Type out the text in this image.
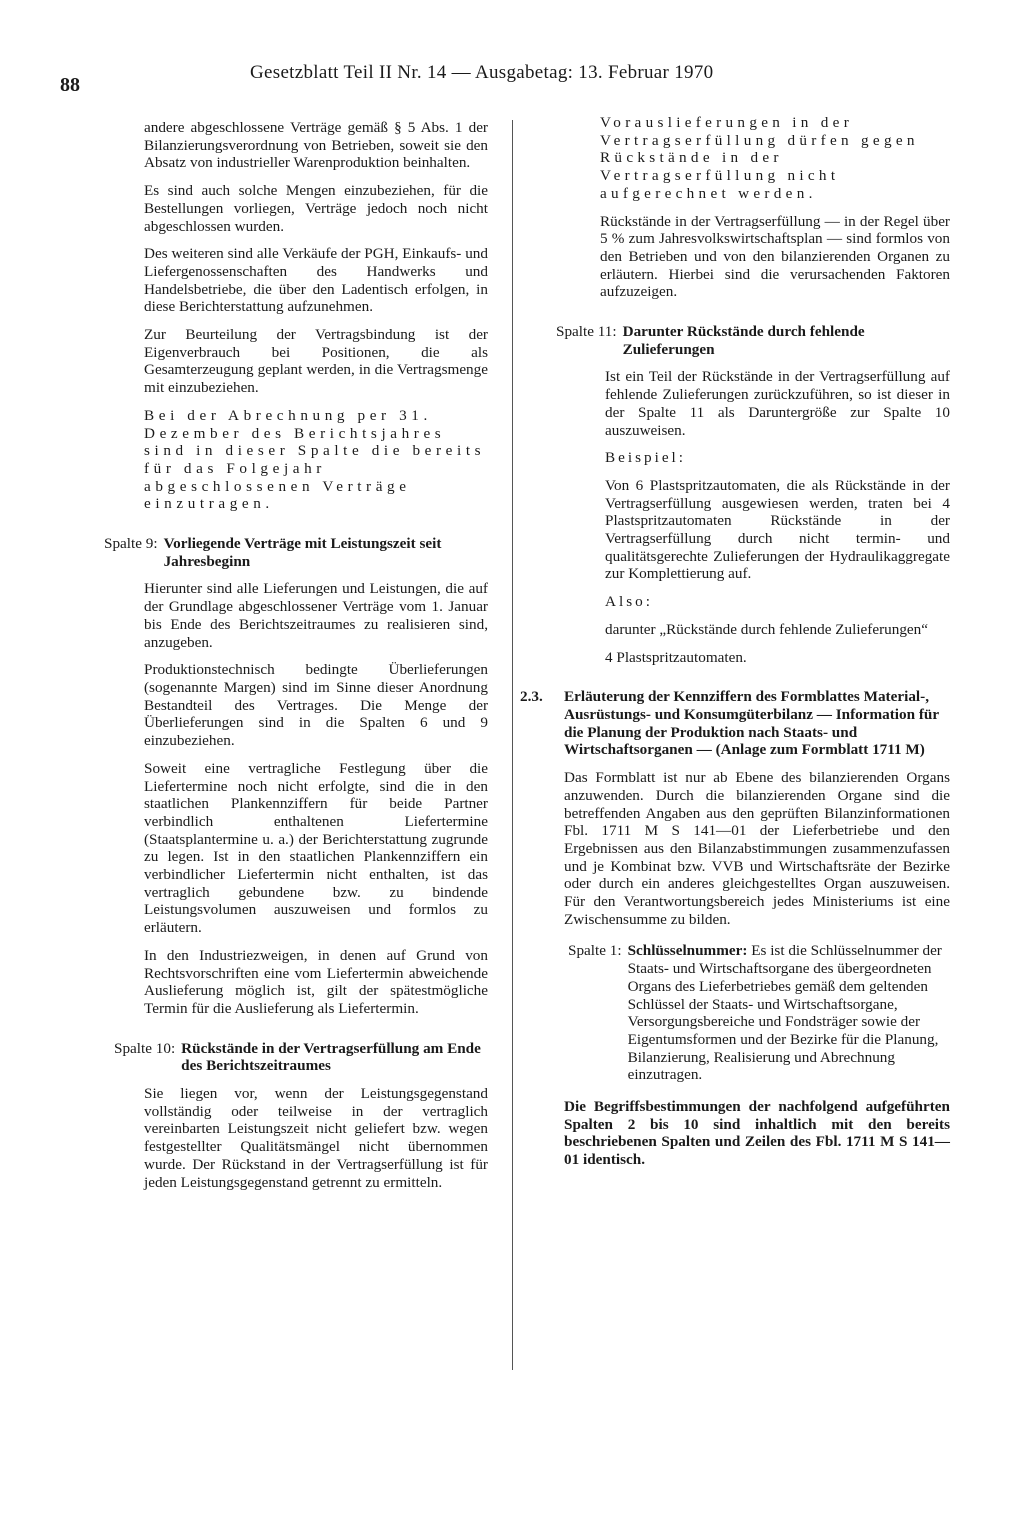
88
Gesetzblatt Teil II Nr. 14 — Ausgabetag: 13. Februar 1970

andere abgeschlossene Verträge gemäß § 5 Abs. 1 der Bilanzierungsverordnung von Betrieben, soweit sie den Absatz von industrieller Warenproduktion beinhalten.

Es sind auch solche Mengen einzubeziehen, für die Bestellungen vorliegen, Verträge jedoch noch nicht abgeschlossen wurden.

Des weiteren sind alle Verkäufe der PGH, Einkaufs- und Liefergenossenschaften des Handwerks und Handelsbetriebe, die über den Ladentisch erfolgen, in diese Berichterstattung aufzunehmen.

Zur Beurteilung der Vertragsbindung ist der Eigenverbrauch bei Positionen, die als Gesamterzeugung geplant werden, in die Vertragsmenge mit einzubeziehen.

Bei der Abrechnung per 31. Dezember des Berichtsjahres sind in dieser Spalte die bereits für das Folgejahr abgeschlossenen Verträge einzutragen.

Spalte 9: Vorliegende Verträge mit Leistungszeit seit Jahresbeginn

Hierunter sind alle Lieferungen und Leistungen, die auf der Grundlage abgeschlossener Verträge vom 1. Januar bis Ende des Berichtszeitraumes zu realisieren sind, anzugeben.

Produktionstechnisch bedingte Überlieferungen (sogenannte Margen) sind im Sinne dieser Anordnung Bestandteil des Vertrages. Die Menge der Überlieferungen sind in die Spalten 6 und 9 einzubeziehen.

Soweit eine vertragliche Festlegung über die Liefertermine noch nicht erfolgte, sind die in den staatlichen Plankennziffern für beide Partner verbindlich enthaltenen Liefertermine (Staatsplantermine u. a.) der Berichterstattung zugrunde zu legen. Ist in den staatlichen Plankennziffern ein verbindlicher Liefertermin nicht enthalten, ist das vertraglich gebundene bzw. zu bindende Leistungsvolumen auszuweisen und formlos zu erläutern.

In den Industriezweigen, in denen auf Grund von Rechtsvorschriften eine vom Liefertermin abweichende Auslieferung möglich ist, gilt der spätestmögliche Termin für die Auslieferung als Liefertermin.

Spalte 10: Rückstände in der Vertragserfüllung am Ende des Berichtszeitraumes

Sie liegen vor, wenn der Leistungsgegenstand vollständig oder teilweise in der vertraglich vereinbarten Leistungszeit nicht geliefert bzw. wegen festgestellter Qualitätsmängel nicht übernommen wurde. Der Rückstand in der Vertragserfüllung ist für jeden Leistungsgegenstand getrennt zu ermitteln.

Vorauslieferungen in der Vertragserfüllung dürfen gegen Rückstände in der Vertragserfüllung nicht aufgerechnet werden.

Rückstände in der Vertragserfüllung — in der Regel über 5 % zum Jahresvolkswirtschaftsplan — sind formlos von den Betrieben und von den bilanzierenden Organen zu erläutern. Hierbei sind die verursachenden Faktoren aufzuzeigen.

Spalte 11: Darunter Rückstände durch fehlende Zulieferungen

Ist ein Teil der Rückstände in der Vertragserfüllung auf fehlende Zulieferungen zurückzuführen, so ist dieser in der Spalte 11 als Daruntergröße zur Spalte 10 auszuweisen.

Beispiel:

Von 6 Plastspritzautomaten, die als Rückstände in der Vertragserfüllung ausgewiesen werden, traten bei 4 Plastspritzautomaten Rückstände in der Vertragserfüllung durch nicht termin- und qualitätsgerechte Zulieferungen der Hydraulikaggregate zur Komplettierung auf.

Also:

darunter „Rückstände durch fehlende Zulieferungen“

4 Plastspritzautomaten.

2.3.	Erläuterung der Kennziffern des Formblattes Material-, Ausrüstungs- und Konsumgüterbilanz — Information für die Planung der Produktion nach Staats- und Wirtschaftsorganen — (Anlage zum Formblatt 1711 M)

Das Formblatt ist nur ab Ebene des bilanzierenden Organs anzuwenden. Durch die bilanzierenden Organe sind die betreffenden Angaben aus den geprüften Bilanzinformationen Fbl. 1711 M S 141—01 der Lieferbetriebe und den Ergebnissen aus den Bilanzabstimmungen zusammenzufassen und je Kombinat bzw. VVB und Wirtschaftsräte der Bezirke oder durch ein anderes gleichgestelltes Organ auszuweisen. Für den Verantwortungsbereich jedes Ministeriums ist eine Zwischensumme zu bilden.

Spalte 1: Schlüsselnummer: Es ist die Schlüsselnummer der Staats- und Wirtschaftsorgane des übergeordneten Organs des Lieferbetriebes gemäß dem geltenden Schlüssel der Staats- und Wirtschaftsorgane, Versorgungsbereiche und Fondsträger sowie der Eigentumsformen und der Bezirke für die Planung, Bilanzierung, Realisierung und Abrechnung einzutragen.

Die Begriffsbestimmungen der nachfolgend aufgeführten Spalten 2 bis 10 sind inhaltlich mit den bereits beschriebenen Spalten und Zeilen des Fbl. 1711 M S 141—01 identisch.
